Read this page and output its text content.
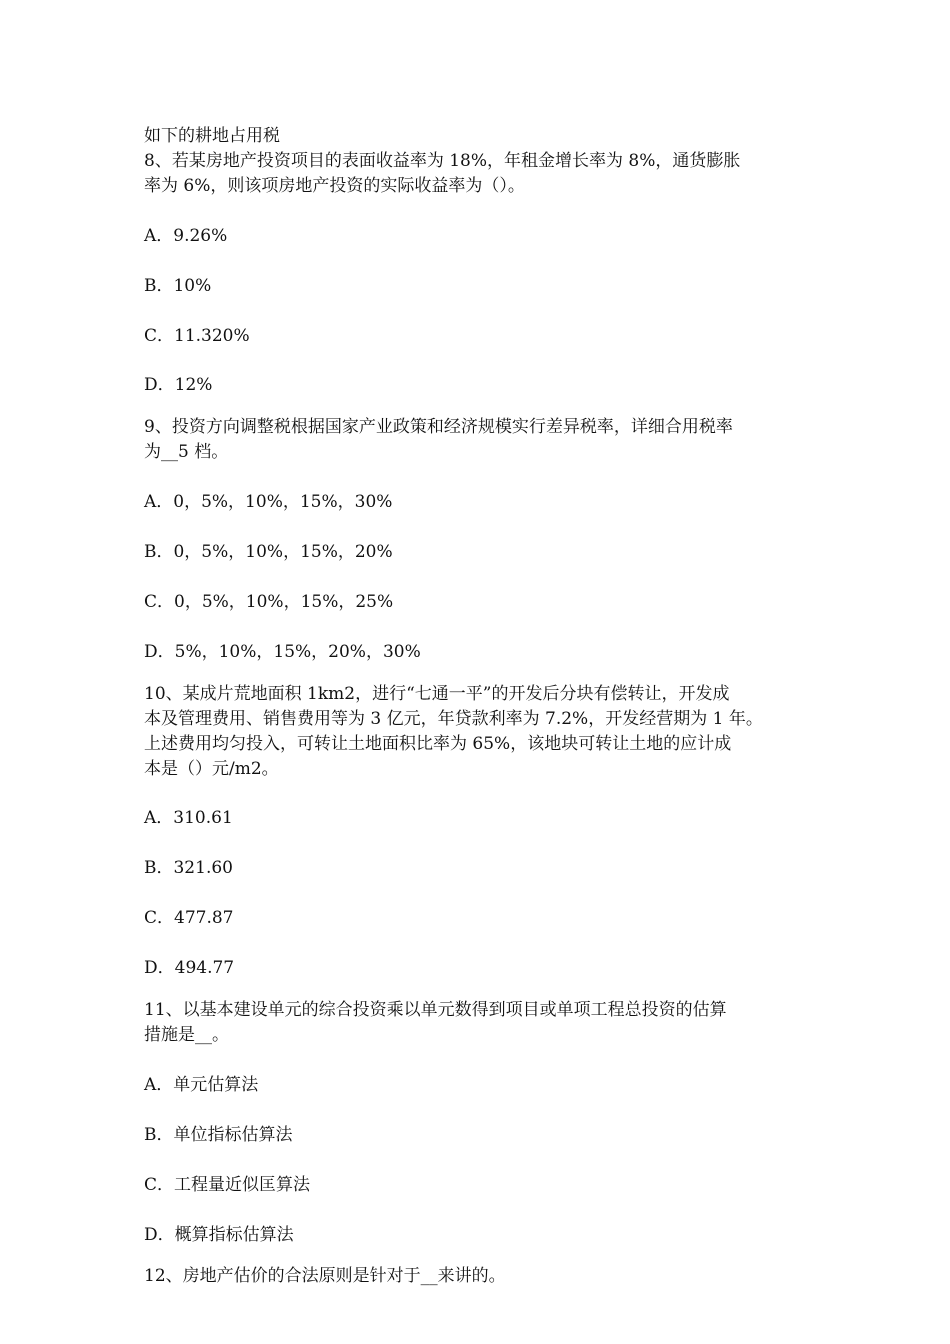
如下的耕地占用税

8、若某房地产投资项目的表面收益率为 18%，年租金增长率为 8%，通货膨胀

率为 6%，则该项房地产投资的实际收益率为（）。

A．9.26%

B．10%

C．11.320%

D．12%

9、投资方向调整税根据国家产业政策和经济规模实行差异税率，详细合用税率

为__5 档。

A．0，5%，10%，15%，30%

B．0，5%，10%，15%，20%

C．0，5%，10%，15%，25%

D．5%，10%，15%，20%，30%

10、某成片荒地面积 1km2，进行“七通一平”的开发后分块有偿转让，开发成

本及管理费用、销售费用等为 3 亿元，年贷款利率为 7.2%，开发经营期为 1 年。

上述费用均匀投入，可转让土地面积比率为 65%，该地块可转让土地的应计成

本是（）元/m2。

A．310.61

B．321.60

C．477.87

D．494.77

11、以基本建设单元的综合投资乘以单元数得到项目或单项工程总投资的估算

措施是__。

A．单元估算法

B．单位指标估算法

C．工程量近似匡算法

D．概算指标估算法

12、房地产估价的合法原则是针对于__来讲的。
